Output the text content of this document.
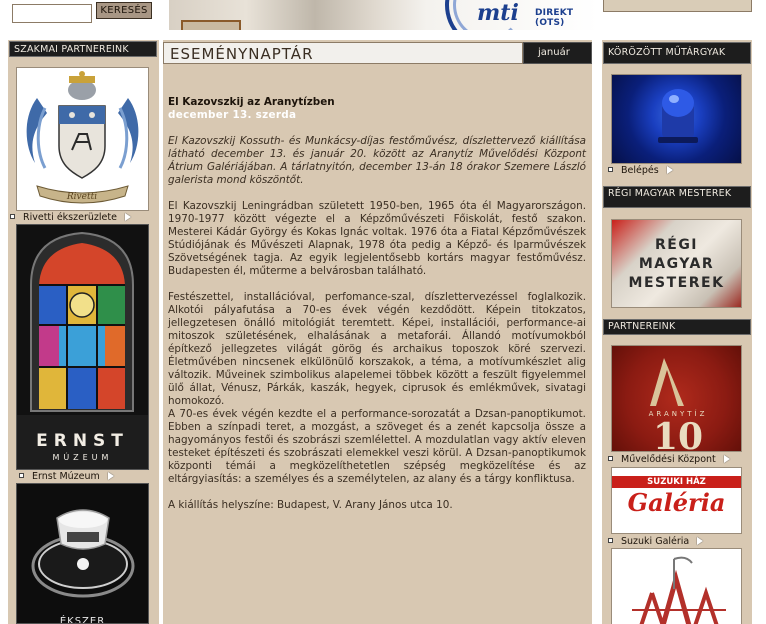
KERESÉS	mti DIREKT (OTS)
SZAKMAI PARTNEREINK
Rivetti
Rivetti ékszerüzlete
ERNST
MÚZEUM
Ernst Múzeum
ÉKSZER
ESEMÉNYNAPTÁR	január
El Kazovszkij az Aranytízben
december 13. szerda

El Kazovszkij Kossuth- és Munkácsy-díjas festőművész, díszlettervező kiállítása látható december 13. és január 20. között az Aranytíz Művelődési Központ Átrium Galériájában. A tárlatnyitón, december 13-án 18 órakor Szemere László galerista mond köszöntőt.

El Kazovszkij Leningrádban született 1950-ben, 1965 óta él Magyarországon. 1970-1977 között végezte el a Képzőművészeti Főiskolát, festő szakon. Mesterei Kádár György és Kokas Ignác voltak. 1976 óta a Fiatal Képzőművészek Stúdiójának és Művészeti Alapnak, 1978 óta pedig a Képző- és Iparművészek Szövetségének tagja. Az egyik legjelentősebb kortárs magyar festőművész. Budapesten él, műterme a belvárosban található.

Festészettel, installációval, perfomance-szal, díszlettervezéssel foglalkozik. Alkotói pályafutása a 70-es évek végén kezdődött. Képein titokzatos, jellegzetesen önálló mitológiát teremtett. Képei, installációi, performance-ai mitoszok születésének, elhalásának a metaforái. Állandó motívumokból építkező jellegzetes világát görög és archaikus toposzok köré szervezi. Életművében nincsenek elkülönülő korszakok, a téma, a motívumkészlet alig változik. Műveinek szimbolikus alapelemei többek között a feszült figyelemmel ülő állat, Vénusz, Párkák, kaszák, hegyek, ciprusok és emlékművek, sivatagi homokozó.

A 70-es évek végén kezdte el a performance-sorozatát a Dzsan-panoptikumot. Ebben a színpadi teret, a mozgást, a szöveget és a zenét kapcsolja össze a hagyományos festői és szobrászi szemlélettel. A mozdulatlan vagy aktív eleven testeket építészeti és szobrászati elemekkel veszi körül. A Dzsan-panoptikumok központi témái a megközelíthetetlen szépség megközelítése és az eltárgyiasítás: a személyes és a személytelen, az alany és a tárgy konfliktusa.

A kiállítás helyszíne: Budapest, V. Arany János utca 10.

KÖRÖZÖTT MŰTÁRGYAK
Belépés
RÉGI MAGYAR MESTEREK
RÉGI
MAGYAR
MESTEREK
PARTNEREINK
ARANYTÍZ
10
Művelődési Központ
SUZUKI HÁZ
Galéria
Suzuki Galéria
